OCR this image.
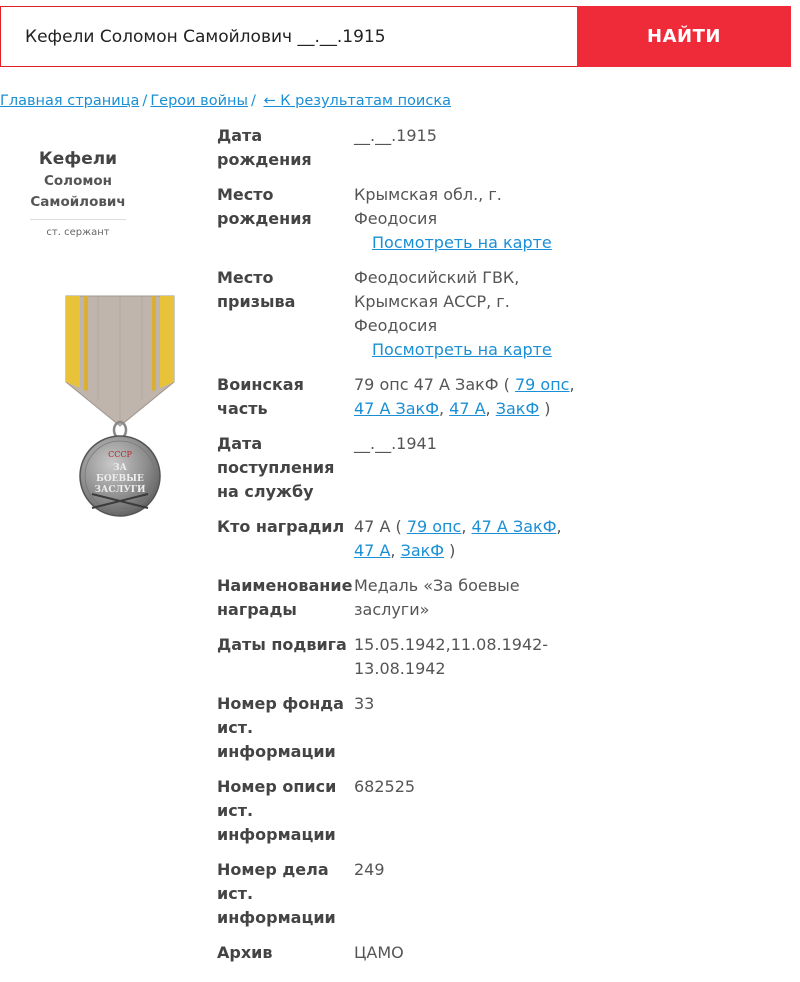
Кефели Соломон Самойлович __.__.1915
НАЙТИ
Главная страница / Герои войны / ← К результатам поиска
Кефели
Соломон
Самойлович
ст. сержант
СССР
ЗА
БОЕВЫЕ
ЗАСЛУГИ
Дата рождения
__.__.1915
Место рождения
Крымская обл., г. Феодосия
Посмотреть на карте
Место призыва
Феодосийский ГВК, Крымская АССР, г. Феодосия
Посмотреть на карте
Воинская часть
79 опс 47 А ЗакФ ( 79 опс, 47 А ЗакФ, 47 А, ЗакФ )
Дата поступления на службу
__.__.1941
Кто наградил 47 А ( 79 опс, 47 А ЗакФ, 47 А, ЗакФ )
Наименование награды
Медаль «За боевые заслуги»
Даты подвига 15.05.1942,11.08.1942-13.08.1942
Номер фонда ист. информации
33
Номер описи ист. информации
682525
Номер дела ист. информации
249
Архив	ЦАМО
